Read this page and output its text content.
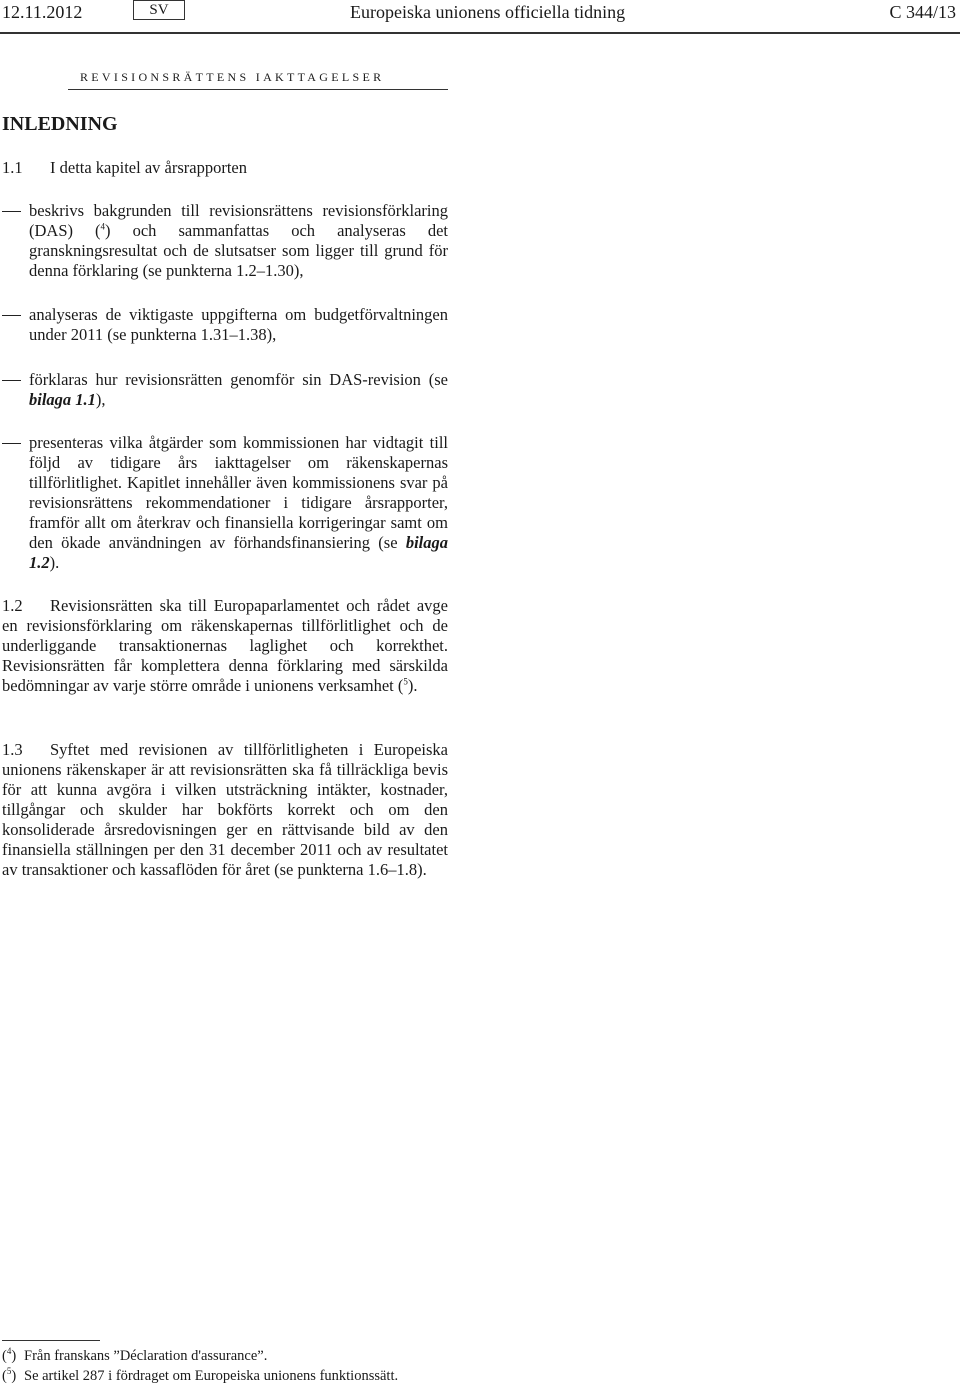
12.11.2012	SV	Europeiska unionens officiella tidning	C 344/13
REVISIONSRÄTTENS IAKTTAGELSER
INLEDNING
1.1 I detta kapitel av årsrapporten
beskrivs bakgrunden till revisionsrättens revisionsförklaring (DAS) ($^4$) och sammanfattas och analyseras det granskningsresultat och de slutsatser som ligger till grund för denna förklaring (se punkterna 1.2–1.30),
analyseras de viktigaste uppgifterna om budgetförvaltningen under 2011 (se punkterna 1.31–1.38),
förklaras hur revisionsrätten genomför sin DAS-revision (se bilaga 1.1),
presenteras vilka åtgärder som kommissionen har vidtagit till följd av tidigare års iakttagelser om räkenskapernas tillförlitlighet. Kapitlet innehåller även kommissionens svar på revisionsrättens rekommendationer i tidigare årsrapporter, framför allt om återkrav och finansiella korrigeringar samt om den ökade användningen av förhandsfinansiering (se bilaga 1.2).
1.2 Revisionsrätten ska till Europaparlamentet och rådet avge en revisionsförklaring om räkenskapernas tillförlitlighet och de underliggande transaktionernas laglighet och korrekthet. Revisionsrätten får komplettera denna förklaring med särskilda bedömningar av varje större område i unionens verksamhet ($^5$).
1.3 Syftet med revisionen av tillförlitligheten i Europeiska unionens räkenskaper är att revisionsrätten ska få tillräckliga bevis för att kunna avgöra i vilken utsträckning intäkter, kostnader, tillgångar och skulder har bokförts korrekt och om den konsoliderade årsredovisningen ger en rättvisande bild av den finansiella ställningen per den 31 december 2011 och av resultatet av transaktioner och kassaflöden för året (se punkterna 1.6–1.8).
($^4$) Från franskans ”Déclaration d'assurance”.
($^5$) Se artikel 287 i fördraget om Europeiska unionens funktionssätt.
